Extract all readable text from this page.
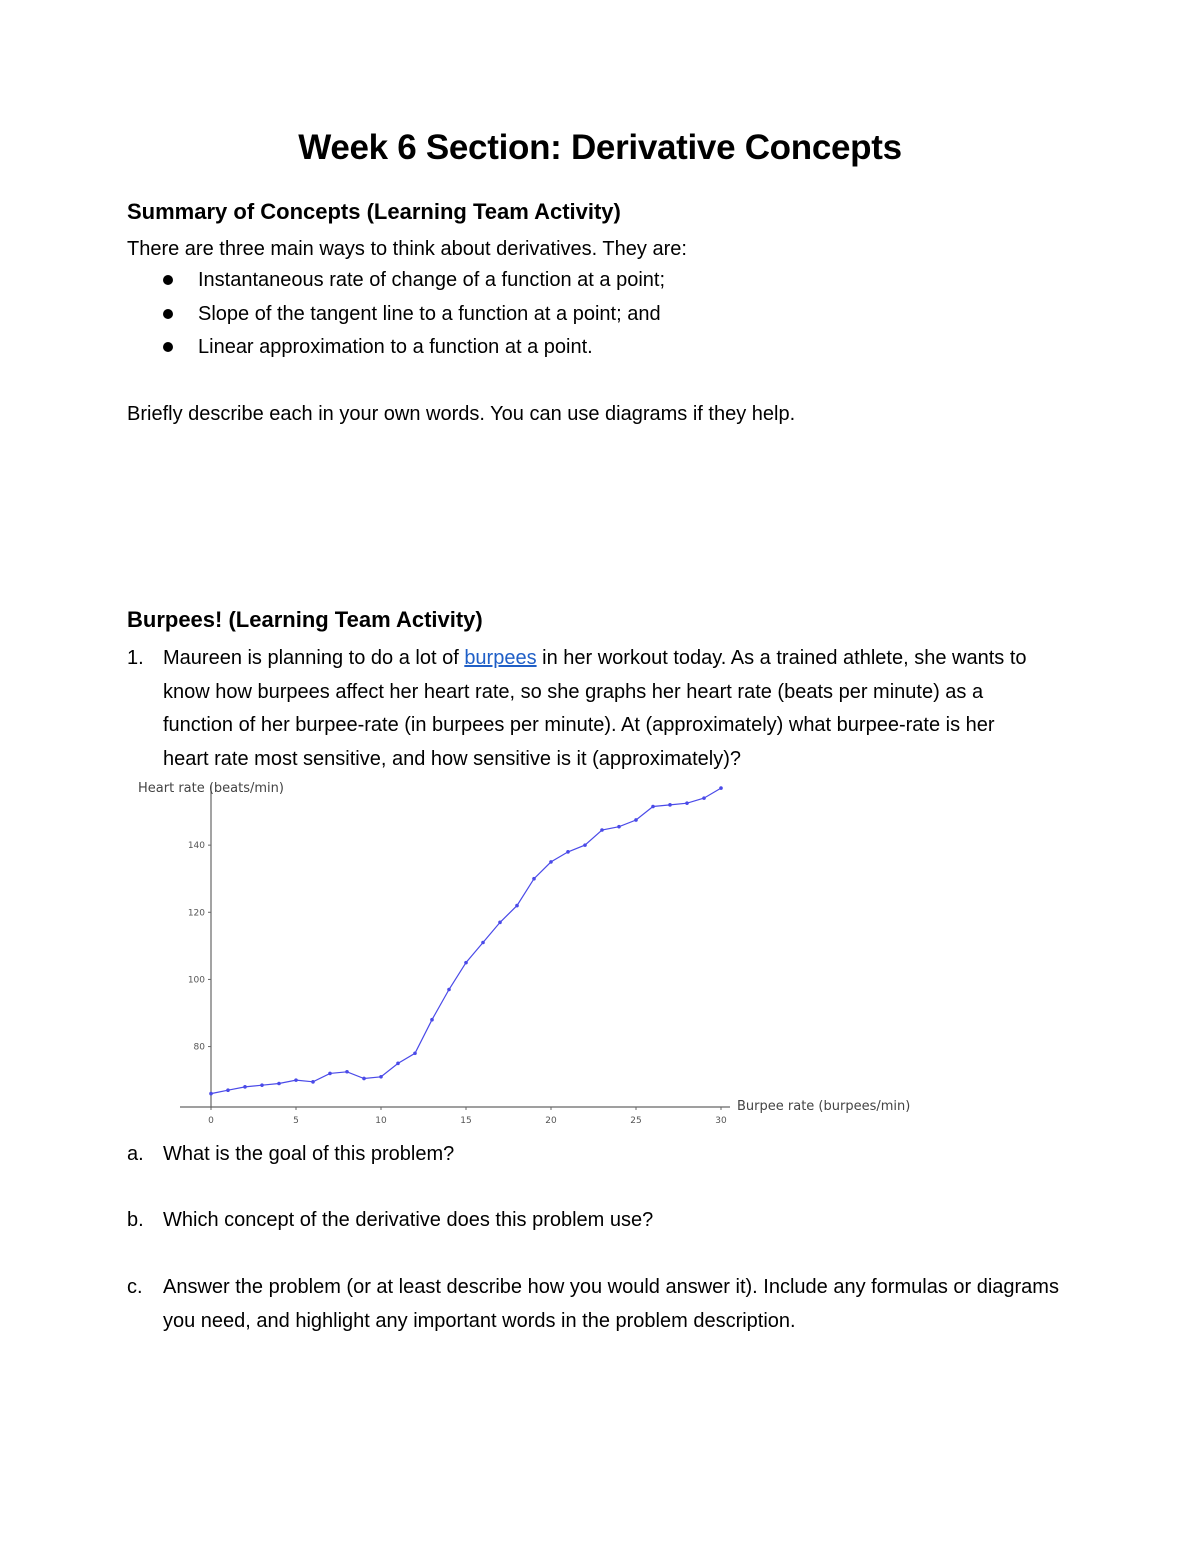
Week 6 Section: Derivative Concepts
Summary of Concepts (Learning Team Activity)
There are three main ways to think about derivatives. They are:
Instantaneous rate of change of a function at a point;
Slope of the tangent line to a function at a point; and
Linear approximation to a function at a point.
Briefly describe each in your own words. You can use diagrams if they help.
Burpees! (Learning Team Activity)
1. Maureen is planning to do a lot of burpees in her workout today. As a trained athlete, she wants to know how burpees affect her heart rate, so she graphs her heart rate (beats per minute) as a function of her burpee-rate (in burpees per minute). At (approximately) what burpee-rate is her heart rate most sensitive, and how sensitive is it (approximately)?
0	5	10	15	20	25	30
80
100
120
140
Heart rate (beats/min)
Burpee rate (burpees/min)
a. What is the goal of this problem?
b. Which concept of the derivative does this problem use?
c. Answer the problem (or at least describe how you would answer it). Include any formulas or diagrams you need, and highlight any important words in the problem description.
